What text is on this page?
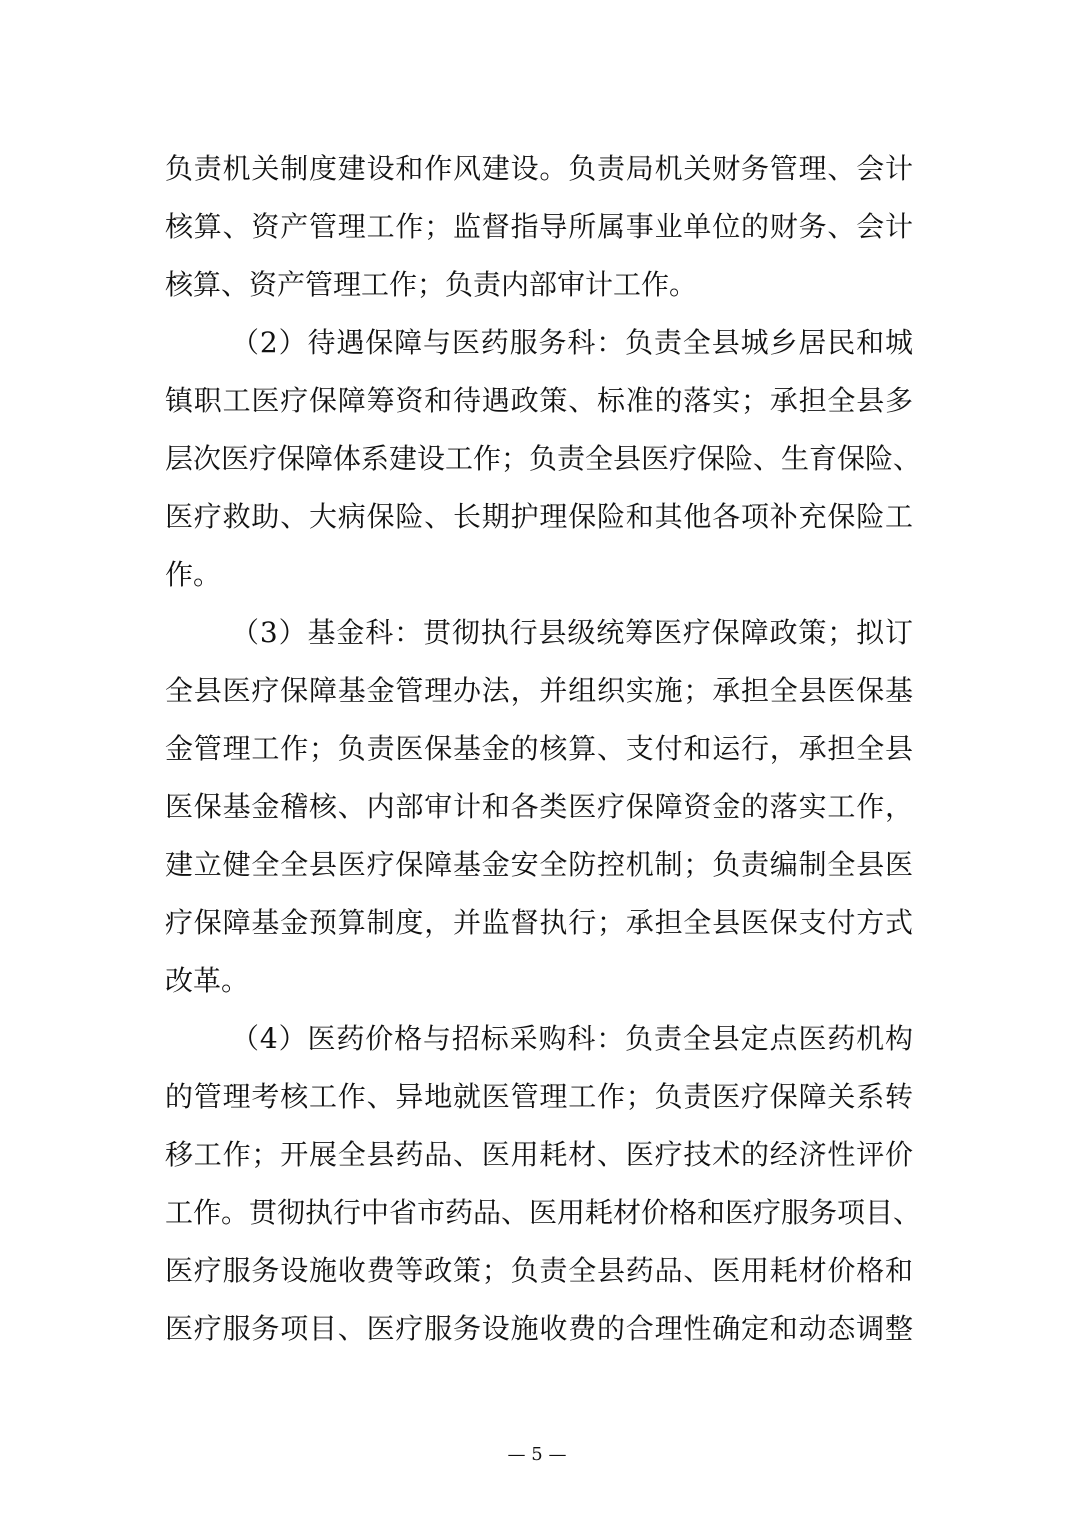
负责机关制度建设和作风建设。负责局机关财务管理、会计
核算、资产管理工作；监督指导所属事业单位的财务、会计
核算、资产管理工作；负责内部审计工作。
（2）待遇保障与医药服务科：负责全县城乡居民和城
镇职工医疗保障筹资和待遇政策、标准的落实；承担全县多
层次医疗保障体系建设工作；负责全县医疗保险、生育保险、
医疗救助、大病保险、长期护理保险和其他各项补充保险工
作。
（3）基金科：贯彻执行县级统筹医疗保障政策；拟订
全县医疗保障基金管理办法，并组织实施；承担全县医保基
金管理工作；负责医保基金的核算、支付和运行，承担全县
医保基金稽核、内部审计和各类医疗保障资金的落实工作，
建立健全全县医疗保障基金安全防控机制；负责编制全县医
疗保障基金预算制度，并监督执行；承担全县医保支付方式
改革。
（4）医药价格与招标采购科：负责全县定点医药机构
的管理考核工作、异地就医管理工作；负责医疗保障关系转
移工作；开展全县药品、医用耗材、医疗技术的经济性评价
工作。贯彻执行中省市药品、医用耗材价格和医疗服务项目、
医疗服务设施收费等政策；负责全县药品、医用耗材价格和
医疗服务项目、医疗服务设施收费的合理性确定和动态调整
— 5 —
